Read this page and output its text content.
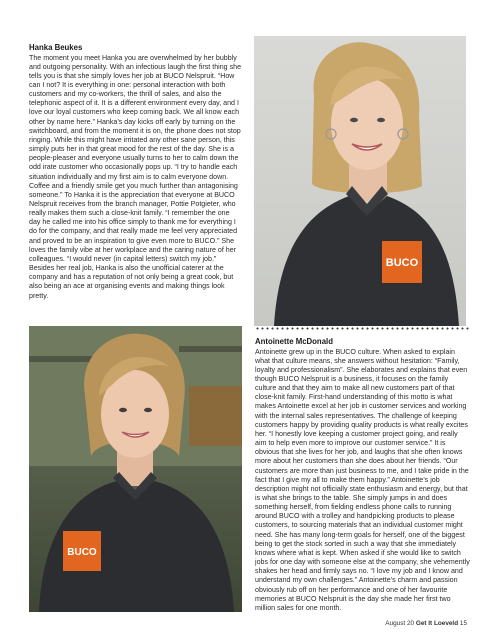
Hanka Beukes

The moment you meet Hanka you are overwhelmed by her bubbly and outgoing personality. With an infectious laugh the first thing she tells you is that she simply loves her job at BUCO Nelspruit. “How can I not? It is everything in one: personal interaction with both customers and my co-workers, the thrill of sales, and also the telephonic aspect of it. It is a different environment every day, and I love our loyal customers who keep coming back. We all know each other by name here.” Hanka’s day kicks off early by turning on the switchboard, and from the moment it is on, the phone does not stop ringing. While this might have irritated any other sane person, this simply puts her in that great mood for the rest of the day. She is a people-pleaser and everyone usually turns to her to calm down the odd irate customer who occasionally pops up. “I try to handle each situation individually and my first aim is to calm everyone down. Coffee and a friendly smile get you much further than antagonising someone.” To Hanka it is the appreciation that everyone at BUCO Nelspruit receives from the branch manager, Pottie Potgieter, who really makes them such a close-knit family. “I remember the one day he called me into his office simply to thank me for everything I do for the company, and that really made me feel very appreciated and proved to be an inspiration to give even more to BUCO.” She loves the family vibe at her workplace and the caring nature of her colleagues. “I would never (in capital letters) switch my job.” Besides her real job, Hanka is also the unofficial caterer at the company and has a reputation of not only being a great cook, but also being an ace at organising events and making things look pretty.

BUCO
BUCO
Antoinette McDonald

Antoinette grew up in the BUCO culture. When asked to explain what that culture means, she answers without hesitation: “Family, loyalty and professionalism”. She elaborates and explains that even though BUCO Nelspruit is a business, it focuses on the family culture and that they aim to make all new customers part of that close-knit family. First-hand understanding of this motto is what makes Antoinette excel at her job in customer services and working with the internal sales representatives. The challenge of keeping customers happy by providing quality products is what really excites her. “I honestly love keeping a customer project going, and really aim to help even more to improve our customer service.” It is obvious that she lives for her job, and laughs that she often knows more about her customers than she does about her friends. “Our customers are more than just business to me, and I take pride in the fact that I give my all to make them happy.” Antoinette’s job description might not officially state enthusiasm and energy, but that is what she brings to the table. She simply jumps in and does something herself, from fielding endless phone calls to running around BUCO with a trolley and handpicking products to please customers, to sourcing materials that an individual customer might need. She has many long-term goals for herself, one of the biggest being to get the stock sorted in such a way that she immediately knows where what is kept. When asked if she would like to switch jobs for one day with someone else at the company, she vehemently shakes her head and firmly says no. “I love my job and I know and understand my own challenges.” Antoinette’s charm and passion obviously rub off on her performance and one of her favourite memories at BUCO Nelspruit is the day she made her first two million sales for one month.

August 20 Get It Loeveld 15
